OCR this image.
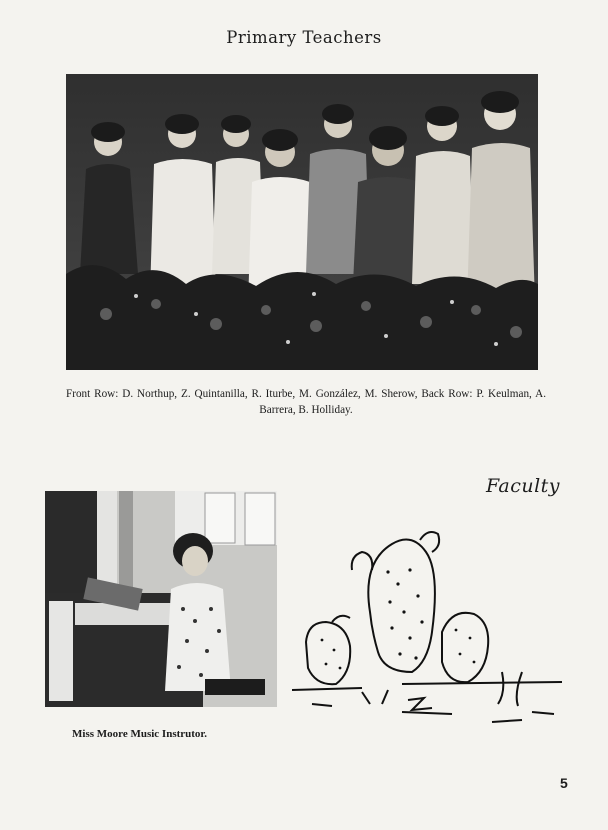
Primary Teachers
Front Row: D. Northup, Z. Quintanilla, R. Iturbe, M. González, M. Sherow, Back Row: P. Keulman, A. Barrera, B. Holliday.
Miss Moore Music Instrutor.
Faculty
5
